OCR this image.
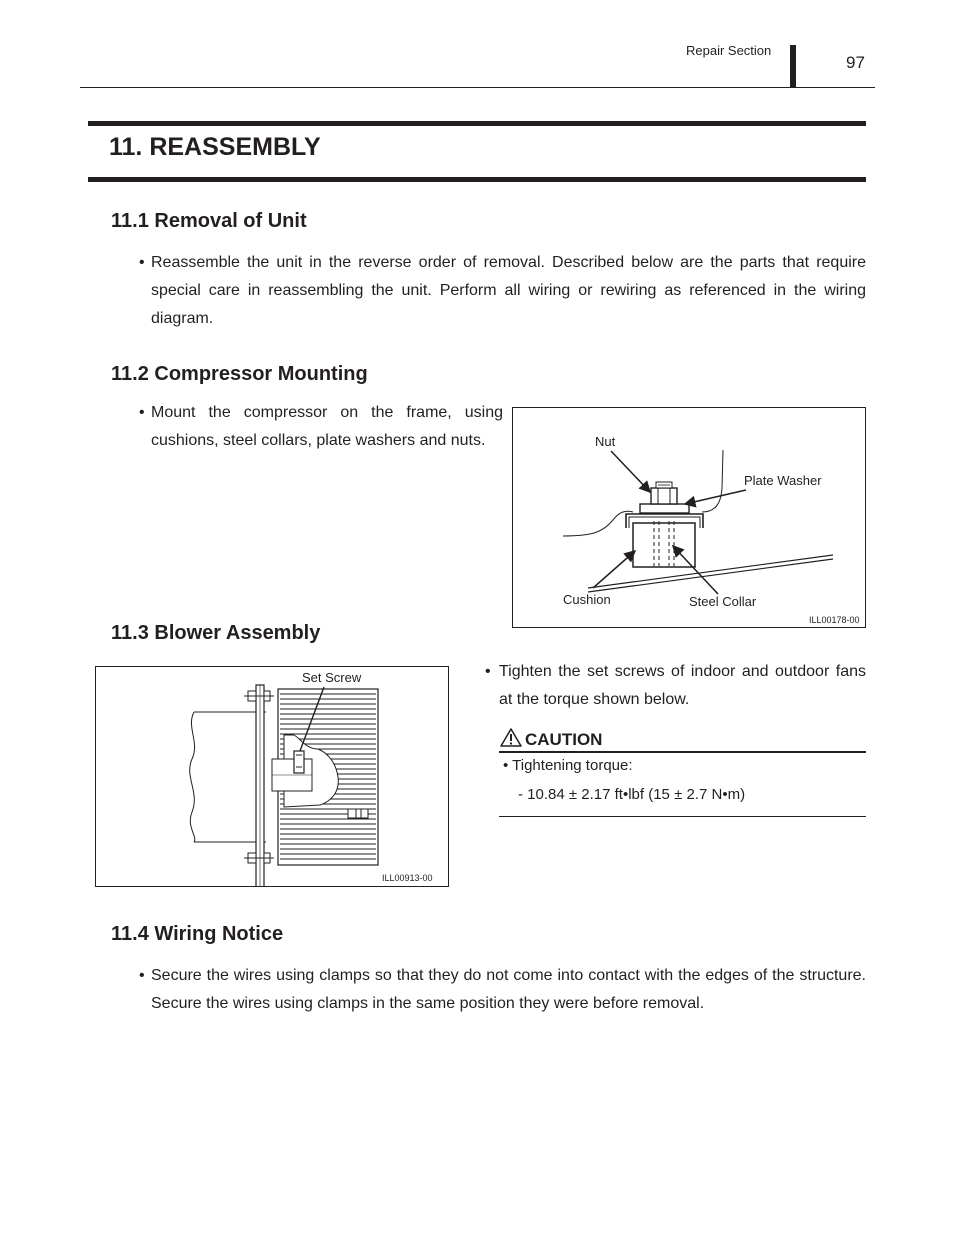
Repair Section
97
11. REASSEMBLY
11.1 Removal of Unit
• Reassemble the unit in the reverse order of removal. Described below are the parts that require special care in reassembling the unit. Perform all wiring or rewiring as referenced in the wiring diagram.
11.2 Compressor Mounting
• Mount the compressor on the frame, using cushions, steel collars, plate washers and nuts.	Nut
Plate Washer
Cushion	Steel Collar
ILL00178-00
11.3 Blower Assembly
Set Screw
ILL00913-00
• Tighten the set screws of indoor and outdoor fans at the torque shown below.
CAUTION
• Tightening torque:
- 10.84 ± 2.17 ft•lbf (15 ± 2.7 N•m)
11.4 Wiring Notice
• Secure the wires using clamps so that they do not come into contact with the edges of the structure. Secure the wires using clamps in the same position they were before removal.
